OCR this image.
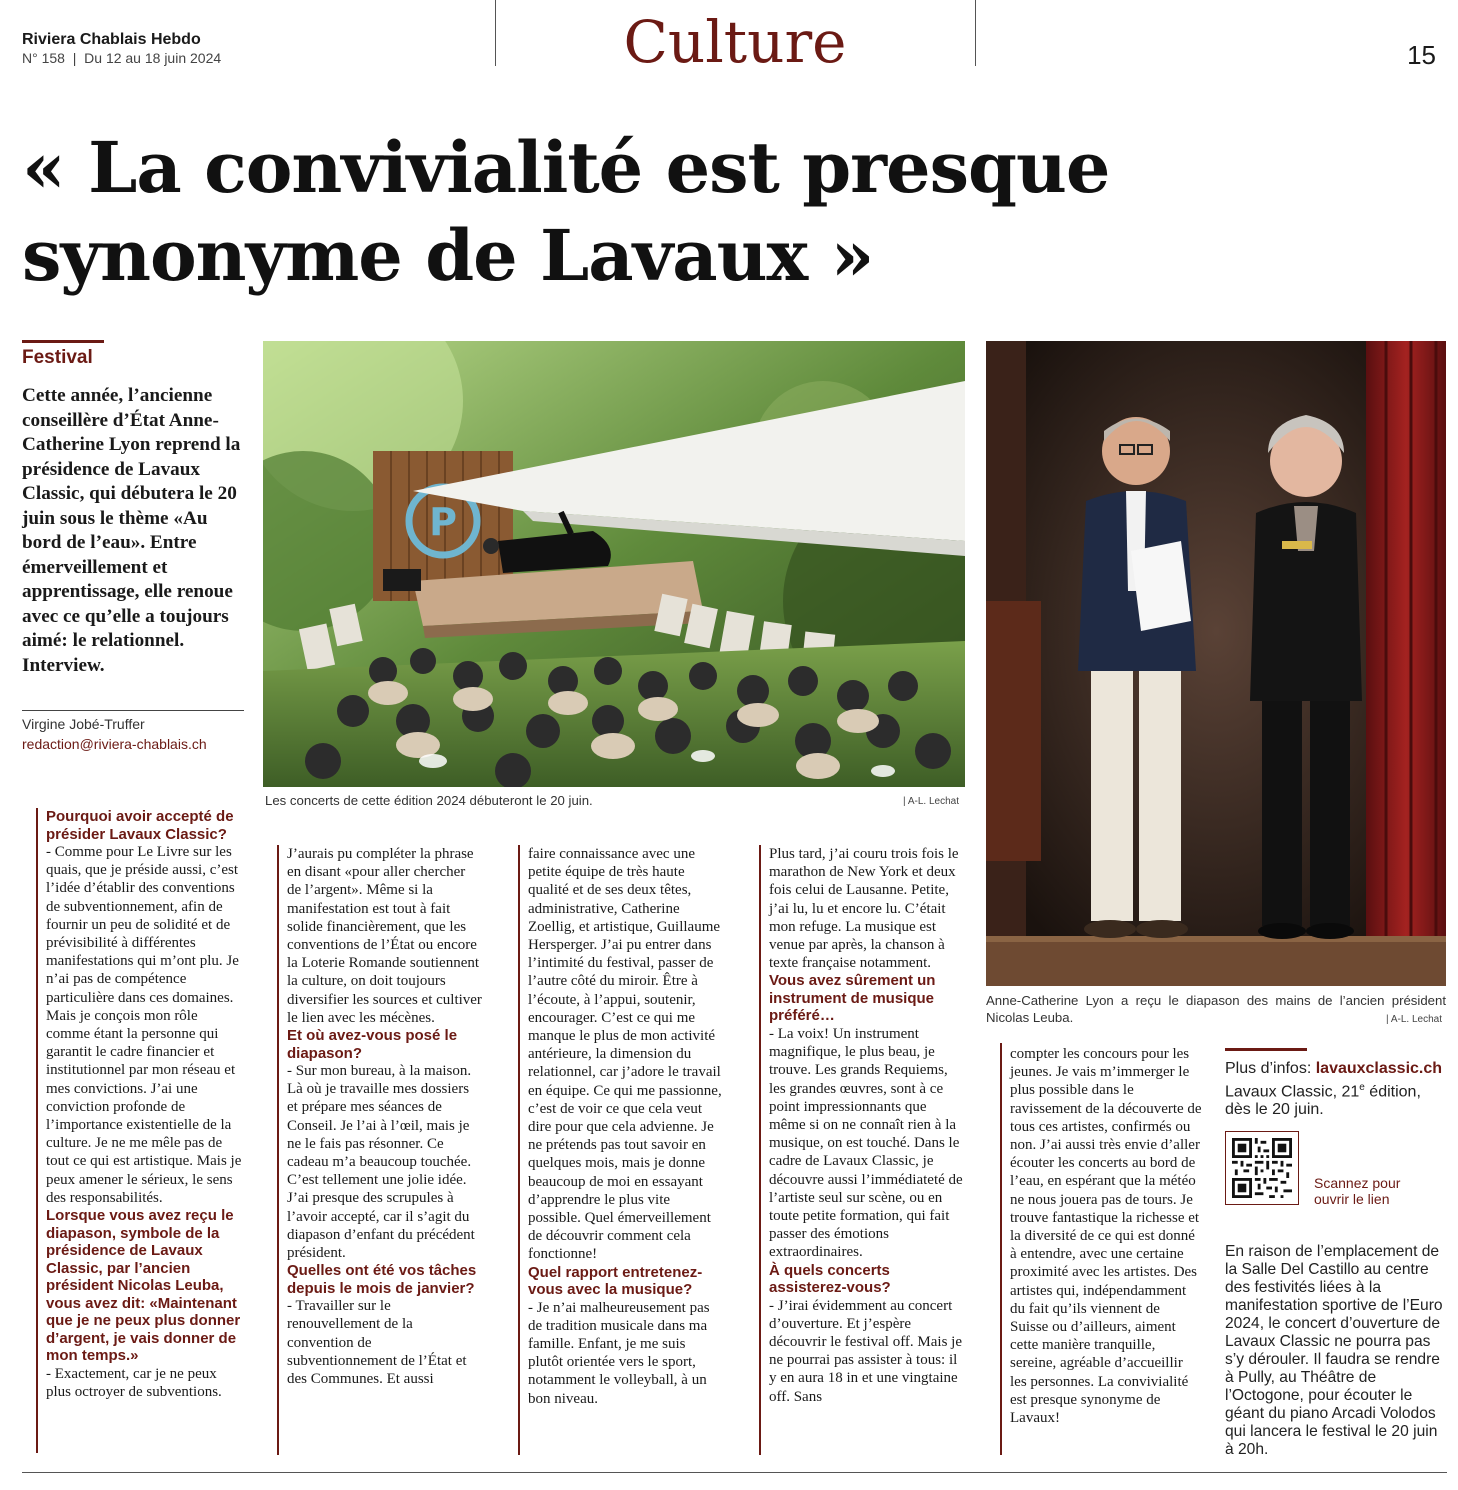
Riviera Chablais Hebdo
N° 158  |  Du 12 au 18 juin 2024	Culture	15
« La convivialité est presque
synonyme de Lavaux »
Festival
Cette année, l’ancienne conseillère d’État Anne-Catherine Lyon reprend la présidence de Lavaux Classic, qui débutera le 20 juin sous le thème «Au bord de l’eau». Entre émerveillement et apprentissage, elle renoue avec ce qu’elle a toujours aimé: le relationnel. Interview.
Virgine Jobé-Truffer
redaction@riviera-chablais.ch
P
Les concerts de cette édition 2024 débuteront le 20 juin.	| A-L. Lechat
Anne-Catherine Lyon a reçu le diapason des mains de l’ancien président Nicolas Leuba.	| A-L. Lechat

Pourquoi avoir accepté de présider Lavaux Classic?

- Comme pour Le Livre sur les quais, que je préside aussi, c’est l’idée d’établir des conventions de subventionnement, afin de fournir un peu de solidité et de prévisibilité à différentes manifestations qui m’ont plu. Je n’ai pas de compétence particulière dans ces domaines. Mais je conçois mon rôle comme étant la personne qui garantit le cadre financier et institutionnel par mon réseau et mes convictions. J’ai une conviction profonde de l’importance existentielle de la culture. Je ne me mêle pas de tout ce qui est artistique. Mais je peux amener le sérieux, le sens des responsabilités.

Lorsque vous avez reçu le diapason, symbole de la présidence de Lavaux Classic, par l’ancien président Nicolas Leuba, vous avez dit: «Maintenant que je ne peux plus donner d’argent, je vais donner de mon temps.»

- Exactement, car je ne peux plus octroyer de subventions.

J’aurais pu compléter la phrase en disant «pour aller chercher de l’argent». Même si la manifestation est tout à fait solide financièrement, que les conventions de l’État ou encore la Loterie Romande soutiennent la culture, on doit toujours diversifier les sources et cultiver le lien avec les mécènes.

Et où avez-vous posé le diapason?

- Sur mon bureau, à la maison. Là où je travaille mes dossiers et prépare mes séances de Conseil. Je l’ai à l’œil, mais je ne le fais pas résonner. Ce cadeau m’a beaucoup touchée. C’est tellement une jolie idée. J’ai presque des scrupules à l’avoir accepté, car il s’agit du diapason d’enfant du précédent président.

Quelles ont été vos tâches depuis le mois de janvier?

- Travailler sur le renouvellement de la convention de subventionnement de l’État et des Communes. Et aussi

faire connaissance avec une petite équipe de très haute qualité et de ses deux têtes, administrative, Catherine Zoellig, et artistique, Guillaume Hersperger. J’ai pu entrer dans l’intimité du festival, passer de l’autre côté du miroir. Être à l’écoute, à l’appui, soutenir, encourager. C’est ce qui me manque le plus de mon activité antérieure, la dimension du relationnel, car j’adore le travail en équipe. Ce qui me passionne, c’est de voir ce que cela veut dire pour que cela advienne. Je ne prétends pas tout savoir en quelques mois, mais je donne beaucoup de moi en essayant d’apprendre le plus vite possible. Quel émerveillement de découvrir comment cela fonctionne!

Quel rapport entretenez-vous avec la musique?

- Je n’ai malheureusement pas de tradition musicale dans ma famille. Enfant, je me suis plutôt orientée vers le sport, notamment le volleyball, à un bon niveau.

Plus tard, j’ai couru trois fois le marathon de New York et deux fois celui de Lausanne. Petite, j’ai lu, lu et encore lu. C’était mon refuge. La musique est venue par après, la chanson à texte française notamment.

Vous avez sûrement un instrument de musique préféré…

- La voix! Un instrument magnifique, le plus beau, je trouve. Les grands Requiems, les grandes œuvres, sont à ce point impressionnants que même si on ne connaît rien à la musique, on est touché. Dans le cadre de Lavaux Classic, je découvre aussi l’immédiateté de l’artiste seul sur scène, ou en toute petite formation, qui fait passer des émotions extraordinaires.

À quels concerts assisterez-vous?

- J’irai évidemment au concert d’ouverture. Et j’espère découvrir le festival off. Mais je ne pourrai pas assister à tous: il y en aura 18 in et une vingtaine off. Sans

compter les concours pour les jeunes. Je vais m’immerger le plus possible dans le ravissement de la découverte de tous ces artistes, confirmés ou non. J’ai aussi très envie d’aller écouter les concerts au bord de l’eau, en espérant que la météo ne nous jouera pas de tours. Je trouve fantastique la richesse et la diversité de ce qui est donné à entendre, avec une certaine proximité avec les artistes. Des artistes qui, indépendamment du fait qu’ils viennent de Suisse ou d’ailleurs, aiment cette manière tranquille, sereine, agréable d’accueillir les personnes. La convivialité est presque synonyme de Lavaux!

Plus d’infos: lavauxclassic.ch
Lavaux Classic, 21e édition,
dès le 20 juin.
Scannez pour
ouvrir le lien
En raison de l’emplacement de la Salle Del Castillo au centre des festivités liées à la manifestation sportive de l’Euro 2024, le concert d’ouverture de Lavaux Classic ne pourra pas s’y dérouler. Il faudra se rendre à Pully, au Théâtre de l’Octogone, pour écouter le géant du piano Arcadi Volodos qui lancera le festival le 20 juin à 20h.
